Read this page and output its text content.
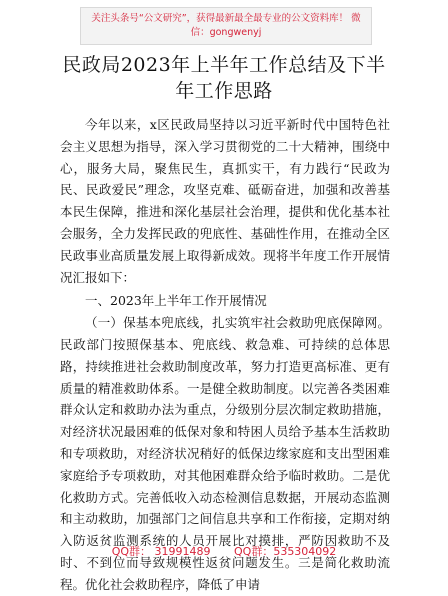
关注头条号“公文研究”，获得最新最全最专业的公文资料库！ 微信：gongwenyj
民政局2023年上半年工作总结及下半年工作思路

今年以来，x区民政局坚持以习近平新时代中国特色社会主义思想为指导，深入学习贯彻党的二十大精神，围绕中心，服务大局，聚焦民生，真抓实干，有力践行“民政为民、民政爱民”理念，攻坚克难、砥砺奋进，加强和改善基本民生保障，推进和深化基层社会治理，提供和优化基本社会服务，全力发挥民政的兜底性、基础性作用，在推动全区民政事业高质量发展上取得新成效。现将半年度工作开展情况汇报如下：

一、2023年上半年工作开展情况

（一）保基本兜底线，扎实筑牢社会救助兜底保障网。民政部门按照保基本、兜底线、救急难、可持续的总体思路，持续推进社会救助制度改革，努力打造更高标准、更有质量的精准救助体系。一是健全救助制度。以完善各类困难群众认定和救助办法为重点，分级别分层次制定救助措施，对经济状况最困难的低保对象和特困人员给予基本生活救助和专项救助，对经济状况稍好的低保边缘家庭和支出型困难家庭给予专项救助，对其他困难群众给予临时救助。二是优化救助方式。完善低收入动态检测信息数据，开展动态监测和主动救助，加强部门之间信息共享和工作衔接，定期对纳入防返贫监测系统的人员开展比对摸排，严防因救助不及时、不到位而导致规模性返贫问题发生。三是简化救助流程。优化社会救助程序，降低了申请

QQ群： 31991489 QQ群：535304092
